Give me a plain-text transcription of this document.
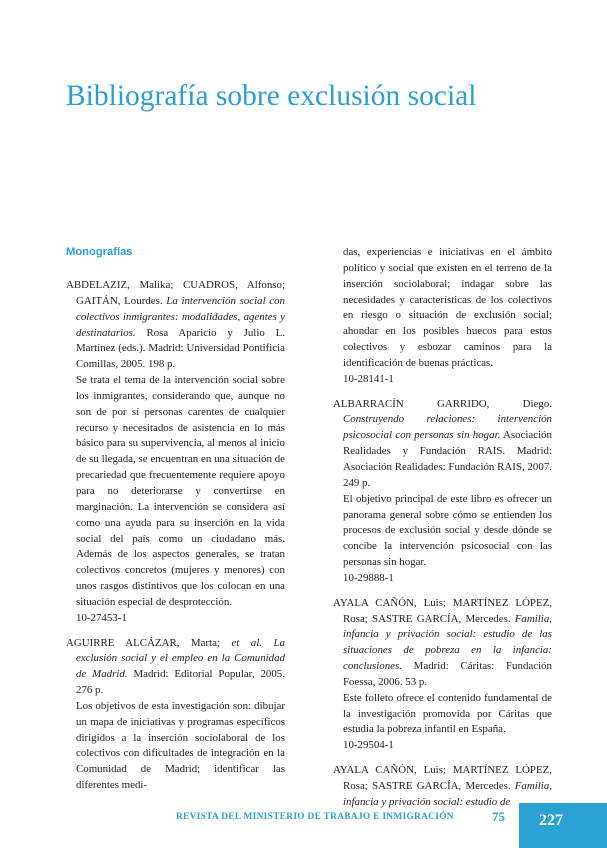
Bibliografía sobre exclusión social
Monografías

ABDELAZIZ, Malika; CUADROS, Alfonso; GAITÁN, Lourdes. La intervención social con colectivos inmigrantes: modalidades, agentes y destinatarios. Rosa Aparicio y Julio L. Martínez (eds.). Madrid: Universidad Pontificia Comillas, 2005. 198 p.

Se trata el tema de la intervención social sobre los inmigrantes, considerando que, aunque no son de por sí personas carentes de cualquier recurso y necesitados de asistencia en lo más básico para su supervivencia, al menos al inicio de su llegada, se encuentran en una situación de precariedad que frecuentemente requiere apoyo para no deteriorarse y convertirse en marginación. La intervención se considera así como una ayuda para su inserción en la vida social del país como un ciudadano más. Además de los aspectos generales, se tratan colectivos concretos (mujeres y menores) con unos rasgos distintivos que los colocan en una situación especial de desprotección.

10-27453-1

AGUIRRE ALCÁZAR, Marta; et al. La exclusión social y el empleo en la Comunidad de Madrid. Madrid: Editorial Popular, 2005. 276 p.

Los objetivos de esta investigación son: dibujar un mapa de iniciativas y programas específicos dirigidos a la inserción sociolaboral de los colectivos con dificultades de integración en la Comunidad de Madrid; identificar las diferentes medi-

das, experiencias e iniciativas en el ámbito político y social que existen en el terreno de la inserción sociolaboral; indagar sobre las necesidades y características de los colectivos en riesgo o situación de exclusión social; ahondar en los posibles huecos para estos colectivos y esbozar caminos para la identificación de buenas prácticas.

10-28141-1

ALBARRACÍN GARRIDO, Diego. Construyendo relaciones: intervención psicosocial con personas sin hogar. Asociación Realidades y Fundación RAIS. Madrid: Asociación Realidades: Fundación RAIS, 2007. 249 p.

El objetivo principal de este libro es ofrecer un panorama general sobre cómo se entienden los procesos de exclusión social y desde dónde se concibe la intervención psicosocial con las personas sin hogar.

10-29888-1

AYALA CAÑÓN, Luis; MARTÍNEZ LÓPEZ, Rosa; SASTRE GARCÍA, Mercedes. Familia, infancia y privación social: estudio de las situaciones de pobreza en la infancia: conclusiones. Madrid: Cáritas: Fundación Foessa, 2006. 53 p.

Este folleto ofrece el contenido fundamental de la investigación promovida por Cáritas que estudia la pobreza infantil en España.

10-29504-1

AYALA CAÑÓN, Luis; MARTÍNEZ LÓPEZ, Rosa; SASTRE GARCÍA, Mercedes. Familia, infancia y privación social: estudio de

REVISTA DEL MINISTERIO DE TRABAJO E INMIGRACIÓN	75 227
